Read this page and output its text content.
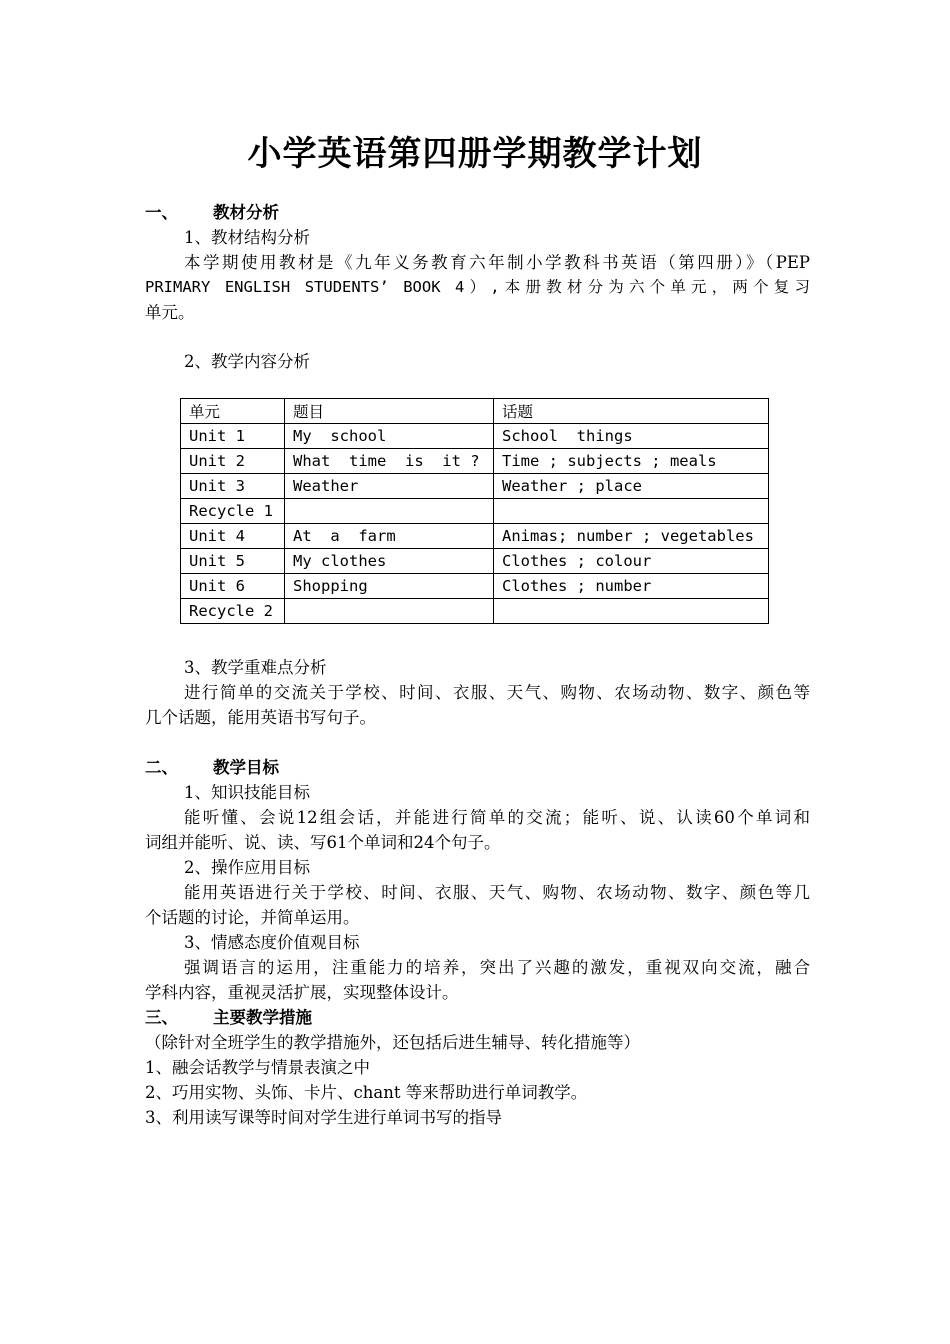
小学英语第四册学期教学计划
一、 教材分析
1、教材结构分析
本学期使用教材是《九年义务教育六年制小学教科书英语（第四册）》（PEP
PRIMARY ENGLISH STUDENTS’ BOOK 4）,本册教材分为六个单元，两个复习
单元。
2、教学内容分析
单元	题目	话题
Unit 1	My  school	School  things
Unit 2	What  time  is  it ?	Time ; subjects ; meals
Unit 3	Weather	Weather ; place
Recycle 1		
Unit 4	At  a  farm	Animas; number ; vegetables
Unit 5	My clothes	Clothes ; colour
Unit 6	Shopping	Clothes ; number
Recycle 2		
3、教学重难点分析
进行简单的交流关于学校、时间、衣服、天气、购物、农场动物、数字、颜色等
几个话题，能用英语书写句子。
二、 教学目标
1、知识技能目标
能听懂、会说12组会话，并能进行简单的交流；能听、说、认读60个单词和
词组并能听、说、读、写61个单词和24个句子。
2、操作应用目标
能用英语进行关于学校、时间、衣服、天气、购物、农场动物、数字、颜色等几
个话题的讨论，并简单运用。
3、情感态度价值观目标
强调语言的运用，注重能力的培养，突出了兴趣的激发，重视双向交流，融合
学科内容，重视灵活扩展，实现整体设计。
三、 主要教学措施
（除针对全班学生的教学措施外，还包括后进生辅导、转化措施等）
1、融会话教学与情景表演之中
2、巧用实物、头饰、卡片、chant 等来帮助进行单词教学。
3、利用读写课等时间对学生进行单词书写的指导
